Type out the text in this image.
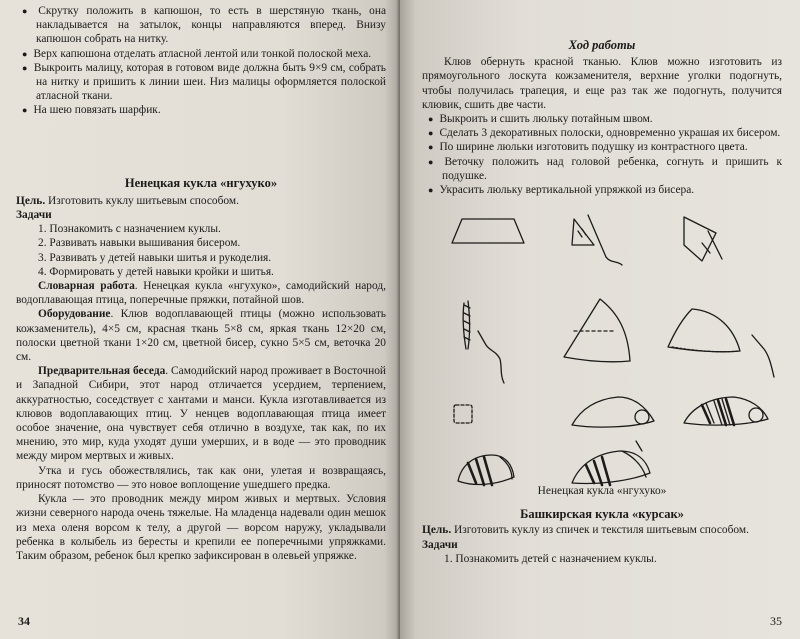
● Скрутку положить в капюшон, то есть в шерстяную ткань, она накладывается на затылок, концы направляются вперед. Внизу капюшон собрать на нитку.

● Верх капюшона отделать атласной лентой или тонкой полоской меха.

● Выкроить малицу, которая в готовом виде должна быть 9×9 см, собрать на нитку и пришить к линии шеи. Низ малицы оформляется полоской атласной ткани.

● На шею повязать шарфик.

Ненецкая кукла «нгухуко»

Цель. Изготовить куклу шитьевым способом.

Задачи

1. Познакомить с назначением куклы.

2. Развивать навыки вышивания бисером.

3. Развивать у детей навыки шитья и рукоделия.

4. Формировать у детей навыки кройки и шитья.

Словарная работа. Ненецкая кукла «нгухуко», самодийский народ, водоплавающая птица, поперечные пряжки, потайной шов.

Оборудование. Клюв водоплавающей птицы (можно использовать кожзаменитель), 4×5 см, красная ткань 5×8 см, яркая ткань 12×20 см, полоски цветной ткани 1×20 см, цветной бисер, сукно 5×5 см, веточка 20 см.

Предварительная беседа. Самодийский народ проживает в Восточной и Западной Сибири, этот народ отличается усердием, терпением, аккуратностью, соседствует с хантами и манси. Кукла изготавливается из клювов водоплавающих птиц. У ненцев водоплавающая птица имеет особое значение, она чувствует себя отлично в воздухе, так как, по их мнению, это мир, куда уходят души умерших, и в воде — это проводник между миром мертвых и живых.

Утка и гусь обожествлялись, так как они, улетая и возвращаясь, приносят потомство — это новое воплощение ушедшего предка.

Кукла — это проводник между миром живых и мертвых. Условия жизни северного народа очень тяжелые. На младенца надевали один мешок из меха оленя ворсом к телу, а другой — ворсом наружу, укладывали ребенка в колыбель из бересты и крепили ее поперечными упряжками. Таким образом, ребенок был крепко зафиксирован в олевьей упряжке.

34

Ход работы

Клюв обернуть красной тканью. Клюв можно изготовить из прямоугольного лоскута кожзаменителя, верхние уголки подогнуть, чтобы получилась трапеция, и еще раз так же подогнуть, получится клювик, сшить две части.

● Выкроить и сшить люльку потайным швом.

● Сделать 3 декоративных полоски, одновременно украшая их бисером.

● По ширине люльки изготовить подушку из контрастного цвета.

● Веточку положить над головой ребенка, согнуть и пришить к подушке.

● Украсить люльку вертикальной упряжкой из бисера.

Ненецкая кукла «нгухуко»

Башкирская кукла «курсак»

Цель. Изготовить куклу из спичек и текстиля шитьевым способом.

Задачи

1. Познакомить детей с назначением куклы.

35
